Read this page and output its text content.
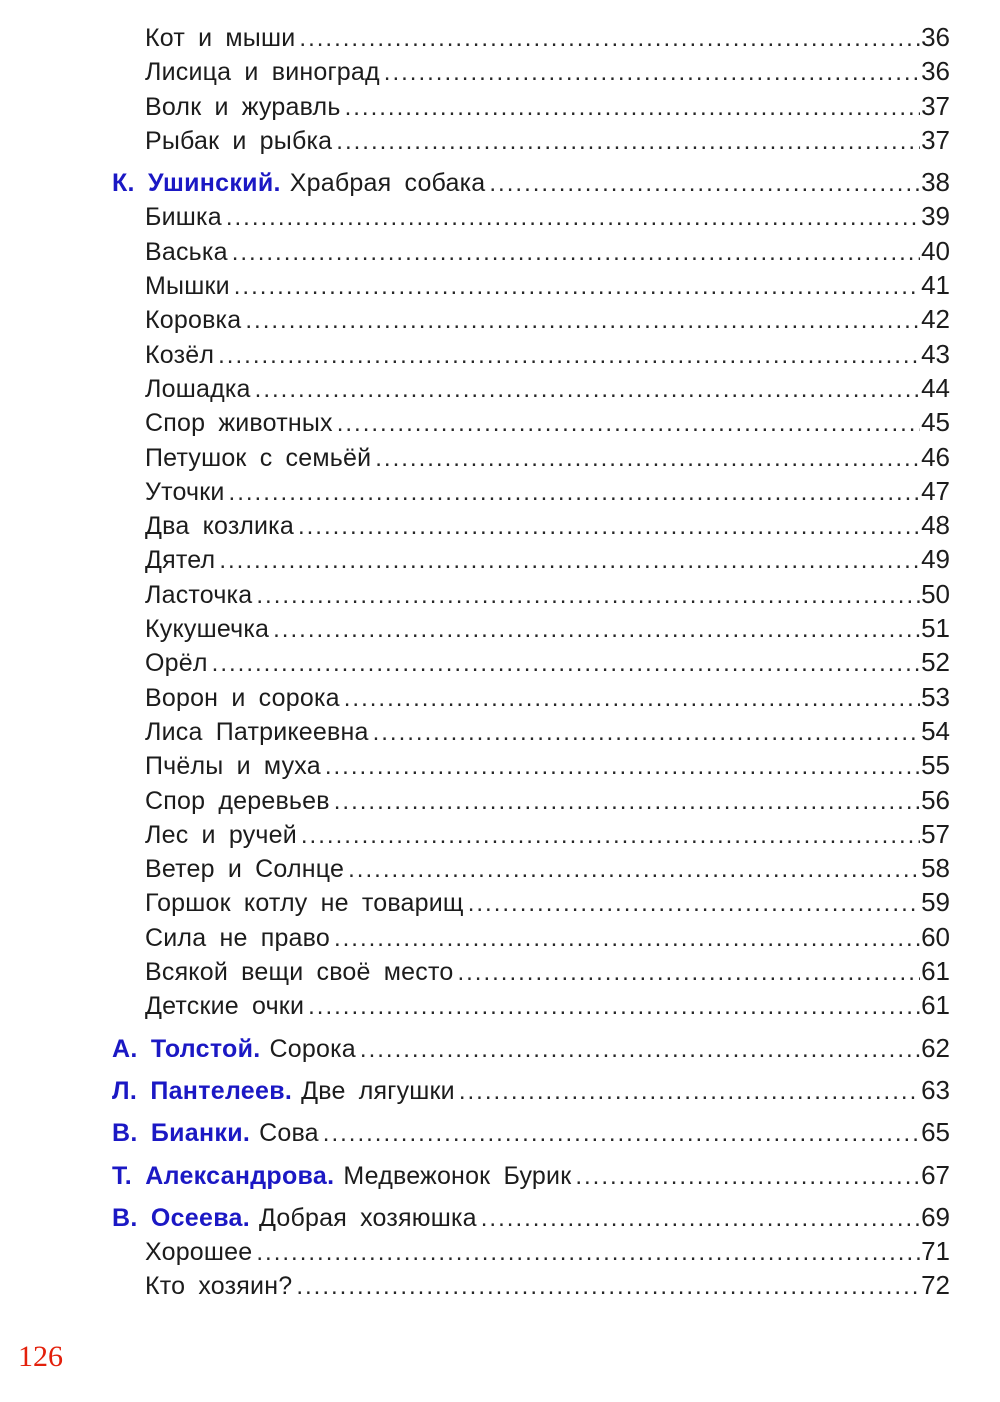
Кот и мыши .....	36
Лисица и виноград .....	36
Волк и журавль .....	37
Рыбак и рыбка .....	37
К. Ушинский. Храбрая собака .....	38
Бишка .....	39
Васька .....	40
Мышки .....	41
Коровка .....	42
Козёл .....	43
Лошадка .....	44
Спор животных .....	45
Петушок с семьёй .....	46
Уточки .....	47
Два козлика .....	48
Дятел .....	49
Ласточка .....	50
Кукушечка .....	51
Орёл .....	52
Ворон и сорока .....	53
Лиса Патрикеевна .....	54
Пчёлы и муха .....	55
Спор деревьев .....	56
Лес и ручей .....	57
Ветер и Солнце .....	58
Горшок котлу не товарищ .....	59
Сила не право .....	60
Всякой вещи своё место .....	61
Детские очки .....	61
А. Толстой. Сорока .....	62
Л. Пантелеев. Две лягушки .....	63
В. Бианки. Сова .....	65
Т. Александрова. Медвежонок Бурик .....	67
В. Осеева. Добрая хозяюшка .....	69
Хорошее .....	71
Кто хозяин? .....	72
126
